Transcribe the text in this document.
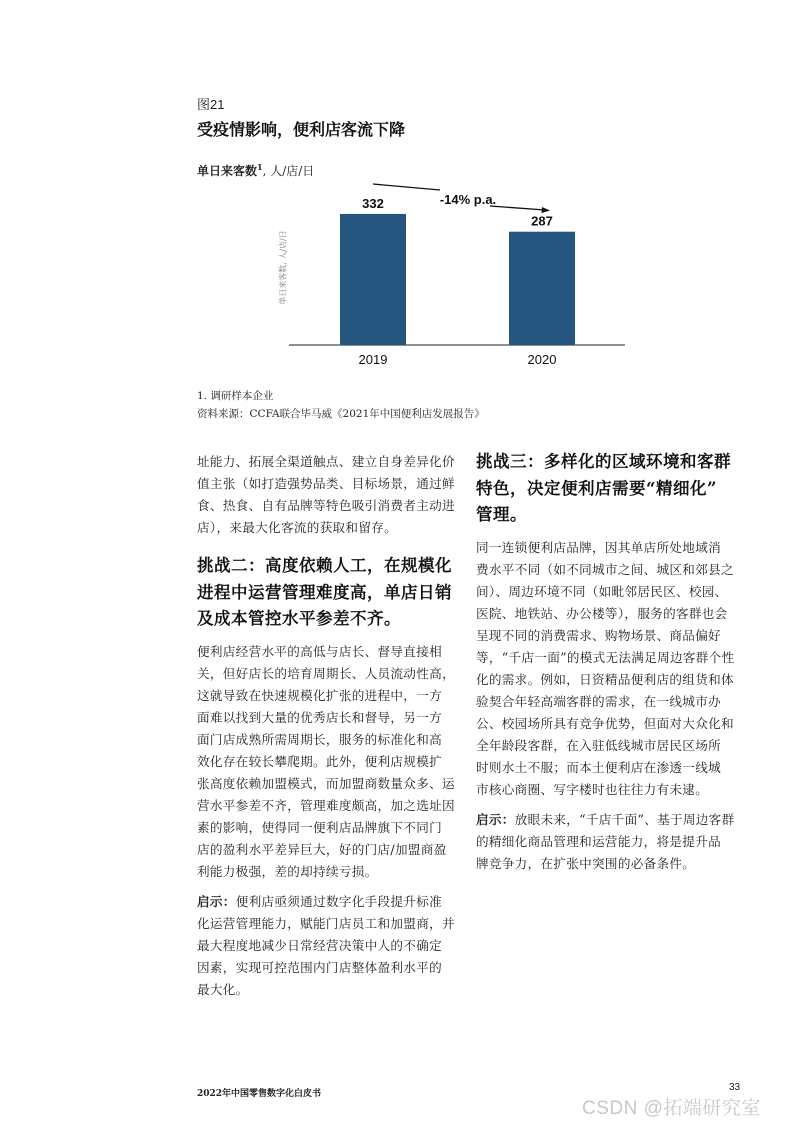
图21
受疫情影响，便利店客流下降
单日来客数$^1$, 人/店/日
单日来客数, 人/店/日
-14% p.a.
332
2019
287
2020
1. 调研样本企业
资料来源：CCFA联合毕马威《2021年中国便利店发展报告》
址能力、拓展全渠道触点、建立自身差异化价
值主张（如打造强势品类、目标场景，通过鲜
食、热食、自有品牌等特色吸引消费者主动进
店），来最大化客流的获取和留存。
挑战二：高度依赖人工，在规模化
进程中运营管理难度高，单店日销
及成本管控水平参差不齐。
便利店经营水平的高低与店长、督导直接相
关，但好店长的培育周期长、人员流动性高，
这就导致在快速规模化扩张的进程中，一方
面难以找到大量的优秀店长和督导，另一方
面门店成熟所需周期长，服务的标准化和高
效化存在较长攀爬期。此外，便利店规模扩
张高度依赖加盟模式，而加盟商数量众多、运
营水平参差不齐，管理难度颇高，加之选址因
素的影响，使得同一便利店品牌旗下不同门
店的盈利水平差异巨大，好的门店/加盟商盈
利能力极强，差的却持续亏损。
启示：便利店亟须通过数字化手段提升标准
化运营管理能力，赋能门店员工和加盟商，并
最大程度地减少日常经营决策中人的不确定
因素，实现可控范围内门店整体盈利水平的
最大化。
挑战三：多样化的区域环境和客群
特色，决定便利店需要“精细化”
管理。
同一连锁便利店品牌，因其单店所处地域消
费水平不同（如不同城市之间、城区和郊县之
间）、周边环境不同（如毗邻居民区、校园、
医院、地铁站、办公楼等），服务的客群也会
呈现不同的消费需求、购物场景、商品偏好
等，“千店一面”的模式无法满足周边客群个性
化的需求。例如，日资精品便利店的组货和体
验契合年轻高端客群的需求，在一线城市办
公、校园场所具有竞争优势，但面对大众化和
全年龄段客群，在入驻低线城市居民区场所
时则水土不服；而本土便利店在渗透一线城
市核心商圈、写字楼时也往往力有未逮。
启示：放眼未来，“千店千面”、基于周边客群
的精细化商品管理和运营能力，将是提升品
牌竞争力，在扩张中突围的必备条件。
2022年中国零售数字化白皮书
33
CSDN @拓端研究室
